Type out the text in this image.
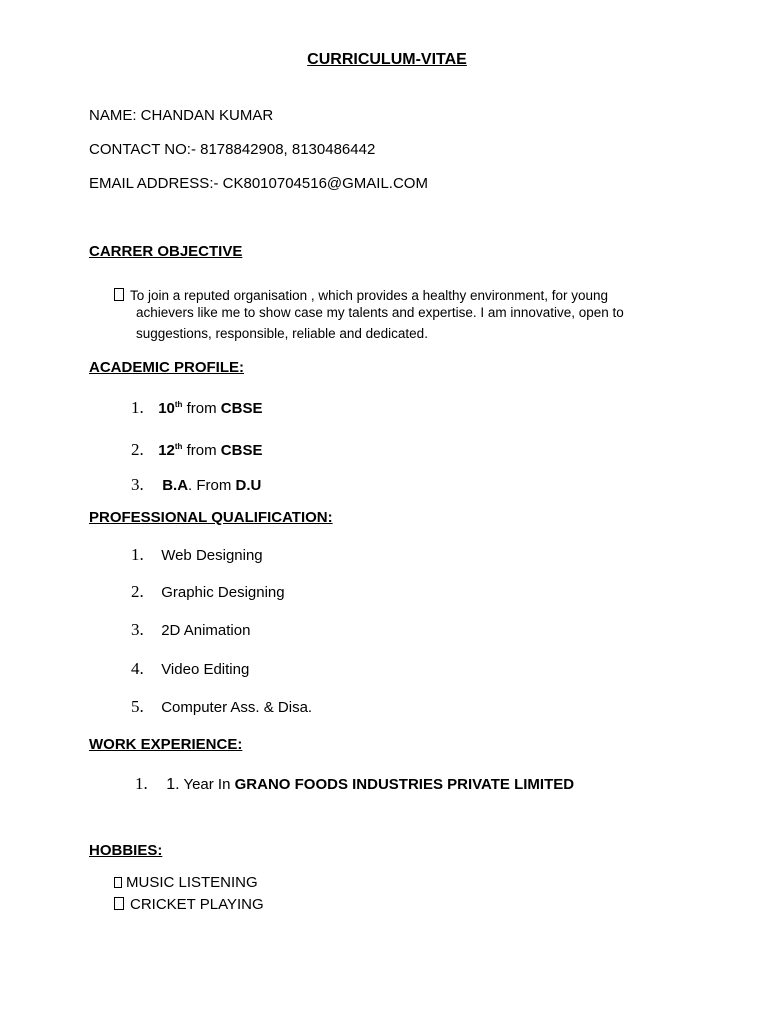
CURRICULUM-VITAE
NAME: CHANDAN KUMAR
CONTACT NO:- 8178842908, 8130486442
EMAIL ADDRESS:- CK8010704516@GMAIL.COM
CARRER OBJECTIVE
To join a reputed organisation , which provides a healthy environment, for young
achievers like me to show case my talents and expertise. I am innovative, open to
suggestions, responsible, reliable and dedicated.
ACADEMIC PROFILE:
1. 10th from CBSE
2. 12th from CBSE
3. B.A. From D.U
PROFESSIONAL QUALIFICATION:
1. Web Designing
2. Graphic Designing
3. 2D Animation
4. Video Editing
5. Computer Ass. & Disa.
WORK EXPERIENCE:
1. 1. Year In GRANO FOODS INDUSTRIES PRIVATE LIMITED
HOBBIES:
MUSIC LISTENING
CRICKET PLAYING
